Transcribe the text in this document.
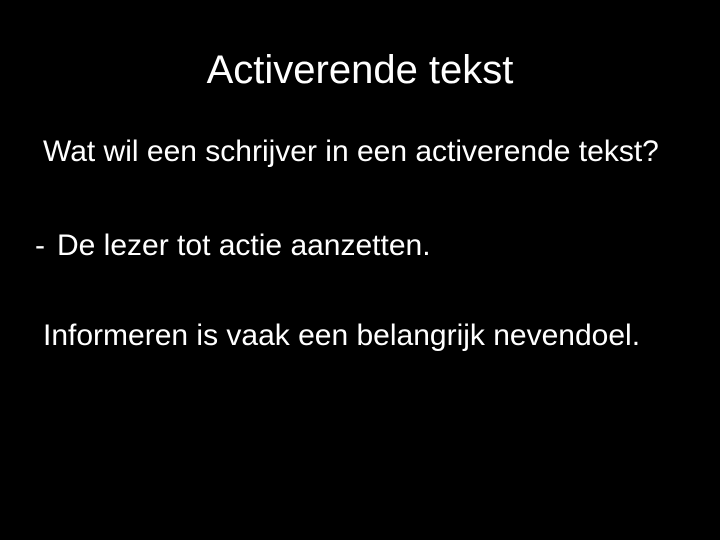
Activerende tekst
Wat wil een schrijver in een activerende tekst?
- De lezer tot actie aanzetten.
Informeren is vaak een belangrijk nevendoel.
